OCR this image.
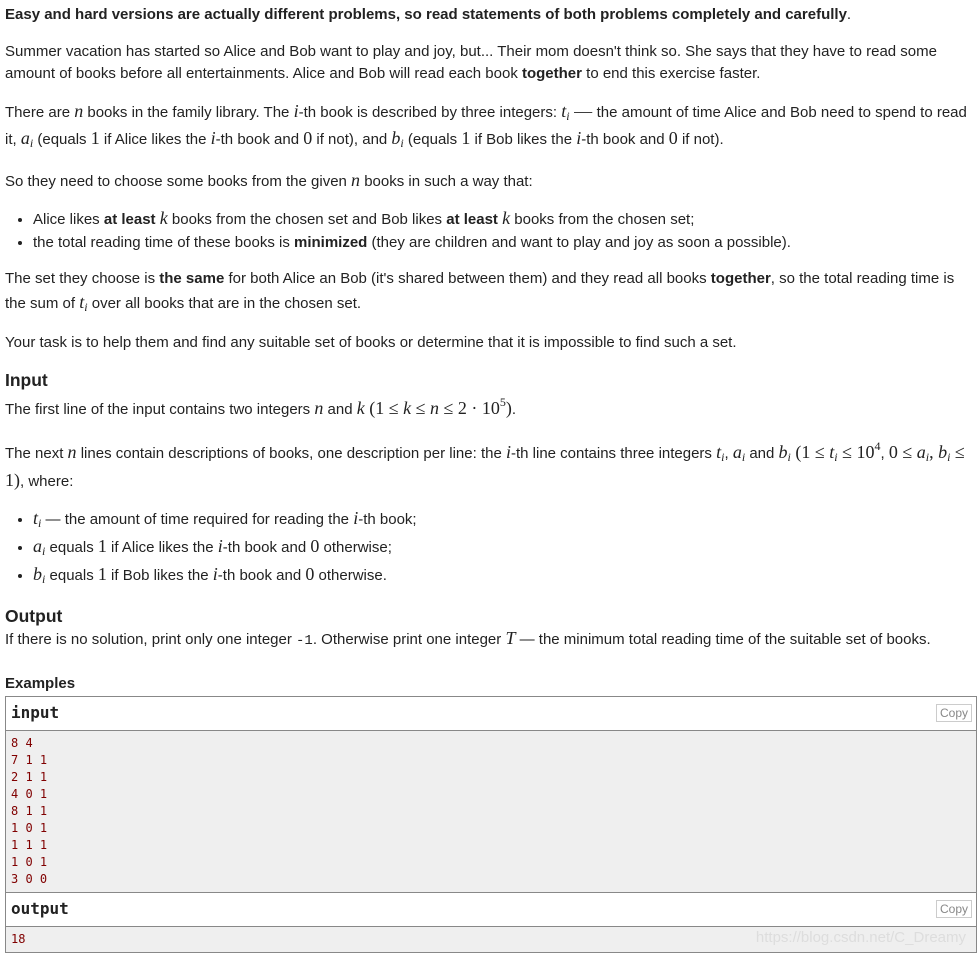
Easy and hard versions are actually different problems, so read statements of both problems completely and carefully.

Summer vacation has started so Alice and Bob want to play and joy, but... Their mom doesn't think so. She says that they have to read some amount of books before all entertainments. Alice and Bob will read each book together to end this exercise faster.

There are n books in the family library. The i-th book is described by three integers: $t_i$ — the amount of time Alice and Bob need to spend to read it, $a_i$ (equals 1 if Alice likes the i-th book and 0 if not), and $b_i$ (equals 1 if Bob likes the i-th book and 0 if not).

So they need to choose some books from the given n books in such a way that:

• Alice likes at least k books from the chosen set and Bob likes at least k books from the chosen set;
• the total reading time of these books is minimized (they are children and want to play and joy as soon a possible).

The set they choose is the same for both Alice an Bob (it's shared between them) and they read all books together, so the total reading time is the sum of $t_i$ over all books that are in the chosen set.

Your task is to help them and find any suitable set of books or determine that it is impossible to find such a set.

Input

The first line of the input contains two integers n and k $(1 \le k \le n \le 2 \cdot 10^5)$.

The next n lines contain descriptions of books, one description per line: the i-th line contains three integers $t_i$, $a_i$ and $b_i$ ($1 \le t_i \le 10^4$, $0 \le a_i$, $b_i \le 1$), where:

• $t_i$ — the amount of time required for reading the i-th book;
• $a_i$ equals 1 if Alice likes the i-th book and 0 otherwise;
• $b_i$ equals 1 if Bob likes the i-th book and 0 otherwise.
Output

If there is no solution, print only one integer -1. Otherwise print one integer T — the minimum total reading time of the suitable set of books.

Examples
input	Copy
8 4
7 1 1
2 1 1
4 0 1
8 1 1
1 0 1
1 1 1
1 0 1
3 0 0
output	Copy
18	https://blog.csdn.net/C_Dreamy
